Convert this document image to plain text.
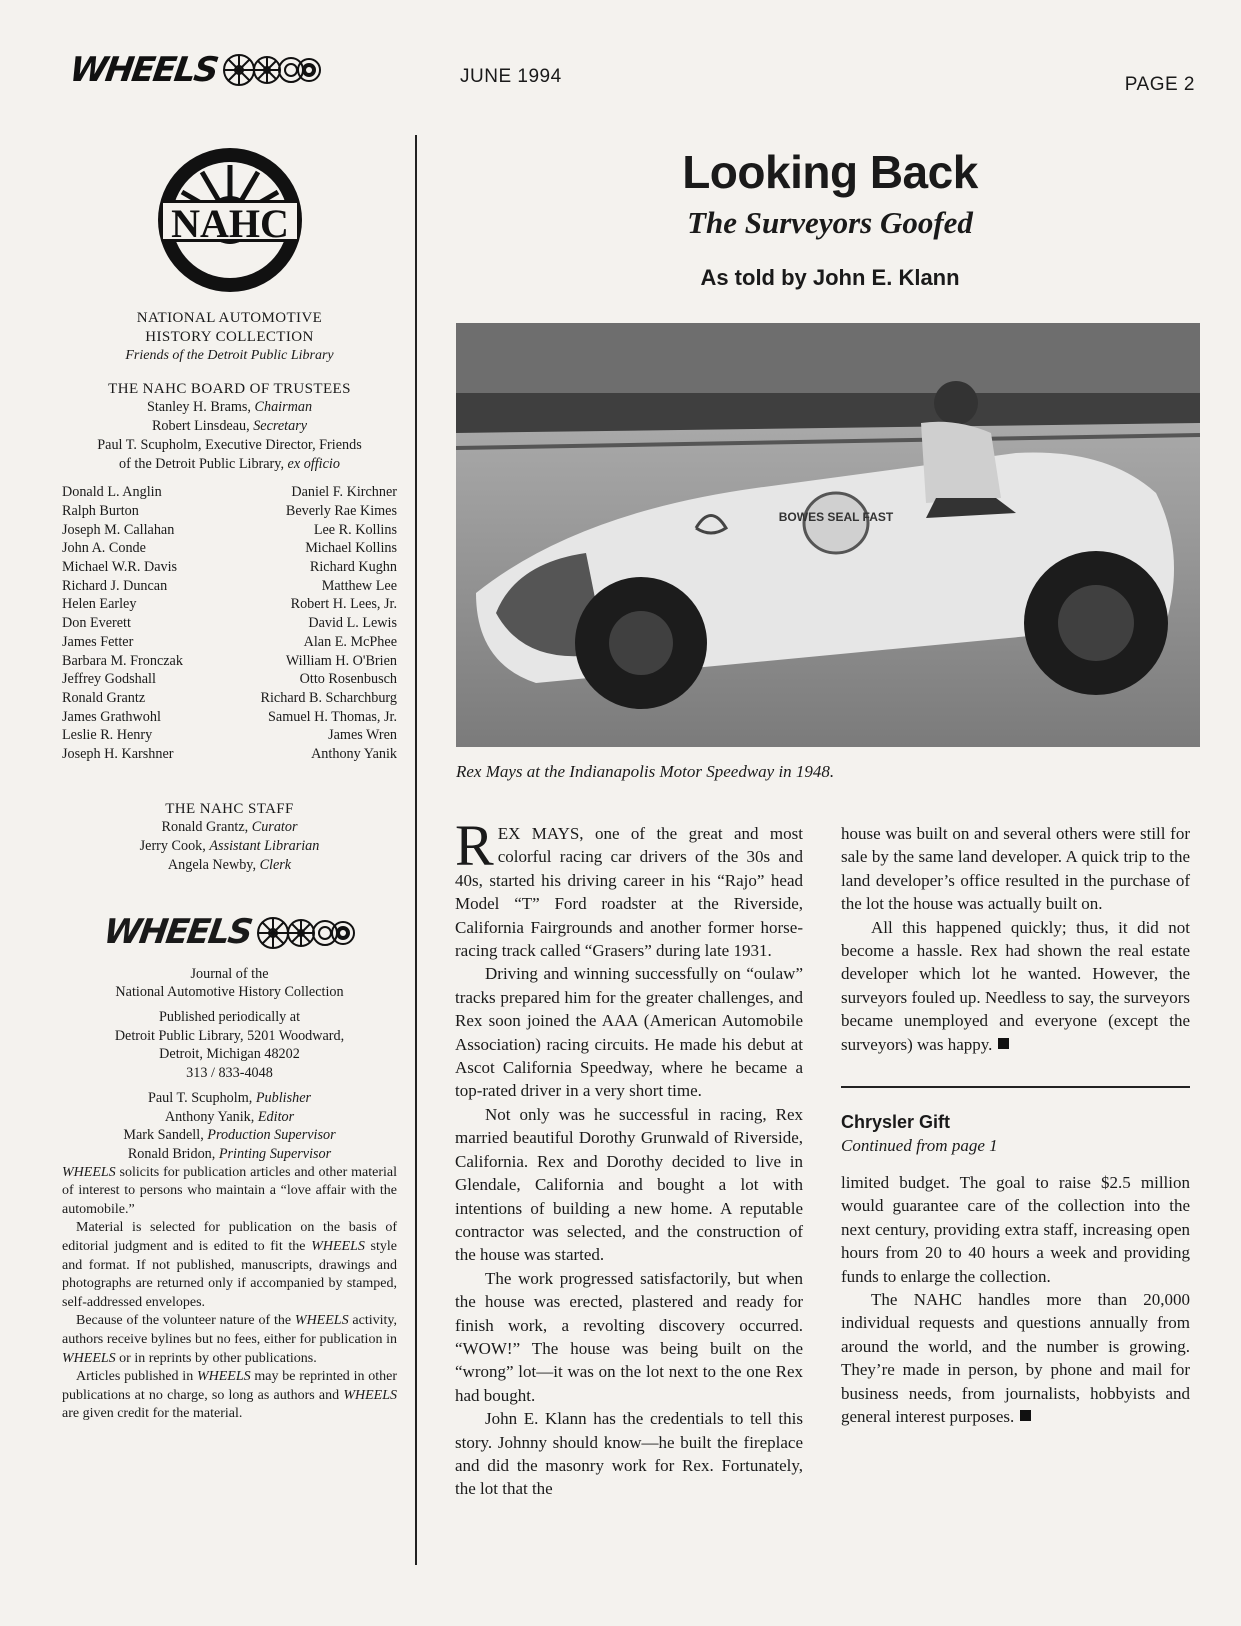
WHEELS	JUNE 1994	PAGE 2
NAHC
NATIONAL AUTOMOTIVE
HISTORY COLLECTION
Friends of the Detroit Public Library
THE NAHC BOARD OF TRUSTEES
Stanley H. Brams, Chairman
Robert Linsdeau, Secretary
Paul T. Scupholm, Executive Director, Friends
of the Detroit Public Library, ex officio
Donald L. Anglin
Ralph Burton
Joseph M. Callahan
John A. Conde
Michael W.R. Davis
Richard J. Duncan
Helen Earley
Don Everett
James Fetter
Barbara M. Fronczak
Jeffrey Godshall
Ronald Grantz
James Grathwohl
Leslie R. Henry
Joseph H. Karshner
Daniel F. Kirchner
Beverly Rae Kimes
Lee R. Kollins
Michael Kollins
Richard Kughn
Matthew Lee
Robert H. Lees, Jr.
David L. Lewis
Alan E. McPhee
William H. O'Brien
Otto Rosenbusch
Richard B. Scharchburg
Samuel H. Thomas, Jr.
James Wren
Anthony Yanik
THE NAHC STAFF
Ronald Grantz, Curator
Jerry Cook, Assistant Librarian
Angela Newby, Clerk
WHEELS

Journal of the

National Automotive History Collection

Published periodically at

Detroit Public Library, 5201 Woodward,

Detroit, Michigan 48202

313 / 833-4048

Paul T. Scupholm, Publisher

Anthony Yanik, Editor

Mark Sandell, Production Supervisor

Ronald Bridon, Printing Supervisor

WHEELS solicits for publication articles and other material of interest to persons who maintain a “love affair with the automobile.”

Material is selected for publication on the basis of editorial judgment and is edited to fit the WHEELS style and format. If not published, manuscripts, drawings and photographs are returned only if accompanied by stamped, self-addressed envelopes.

Because of the volunteer nature of the WHEELS activity, authors receive bylines but no fees, either for publication in WHEELS or in reprints by other publications.

Articles published in WHEELS may be reprinted in other publications at no charge, so long as authors and WHEELS are given credit for the material.

Looking Back
The Surveyors Goofed
As told by John E. Klann
BOWES SEAL FAST
Rex Mays at the Indianapolis Motor Speedway in 1948.

REX MAYS, one of the great and most colorful racing car drivers of the 30s and 40s, started his driving career in his “Rajo” head Model “T” Ford roadster at the Riverside, California Fairgrounds and another former horse-racing track called “Grasers” during late 1931.

Driving and winning successfully on “oulaw” tracks prepared him for the greater challenges, and Rex soon joined the AAA (American Automobile Association) racing circuits. He made his debut at Ascot California Speedway, where he became a top-rated driver in a very short time.

Not only was he successful in racing, Rex married beautiful Dorothy Grunwald of Riverside, California. Rex and Dorothy decided to live in Glendale, California and bought a lot with intentions of building a new home. A reputable contractor was selected, and the construction of the house was started.

The work progressed satisfactorily, but when the house was erected, plastered and ready for finish work, a revolting discovery occurred. “WOW!” The house was being built on the “wrong” lot—it was on the lot next to the one Rex had bought.

John E. Klann has the credentials to tell this story. Johnny should know—he built the fireplace and did the masonry work for Rex. Fortunately, the lot that the

house was built on and several others were still for sale by the same land developer. A quick trip to the land developer’s office resulted in the purchase of the lot the house was actually built on.

All this happened quickly; thus, it did not become a hassle. Rex had shown the real estate developer which lot he wanted. However, the surveyors fouled up. Needless to say, the surveyors became unemployed and everyone (except the surveyors) was happy.

Chrysler Gift
Continued from page 1

limited budget. The goal to raise $2.5 million would guarantee care of the collection into the next century, providing extra staff, increasing open hours from 20 to 40 hours a week and providing funds to enlarge the collection.

The NAHC handles more than 20,000 individual requests and questions annually from around the world, and the number is growing. They’re made in person, by phone and mail for business needs, from journalists, hobbyists and general interest purposes.
